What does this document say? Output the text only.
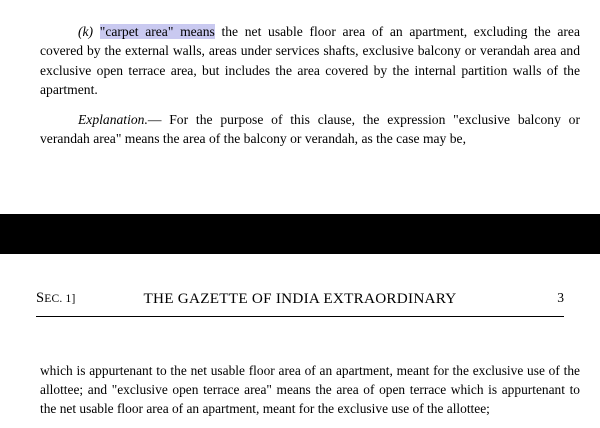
(k) "carpet area" means the net usable floor area of an apartment, excluding the area covered by the external walls, areas under services shafts, exclusive balcony or verandah area and exclusive open terrace area, but includes the area covered by the internal partition walls of the apartment.

Explanation.— For the purpose of this clause, the expression "exclusive balcony or verandah area" means the area of the balcony or verandah, as the case may be,

SEC. 1]	THE GAZETTE OF INDIA EXTRAORDINARY	3

which is appurtenant to the net usable floor area of an apartment, meant for the exclusive use of the allottee; and "exclusive open terrace area" means the area of open terrace which is appurtenant to the net usable floor area of an apartment, meant for the exclusive use of the allottee;
